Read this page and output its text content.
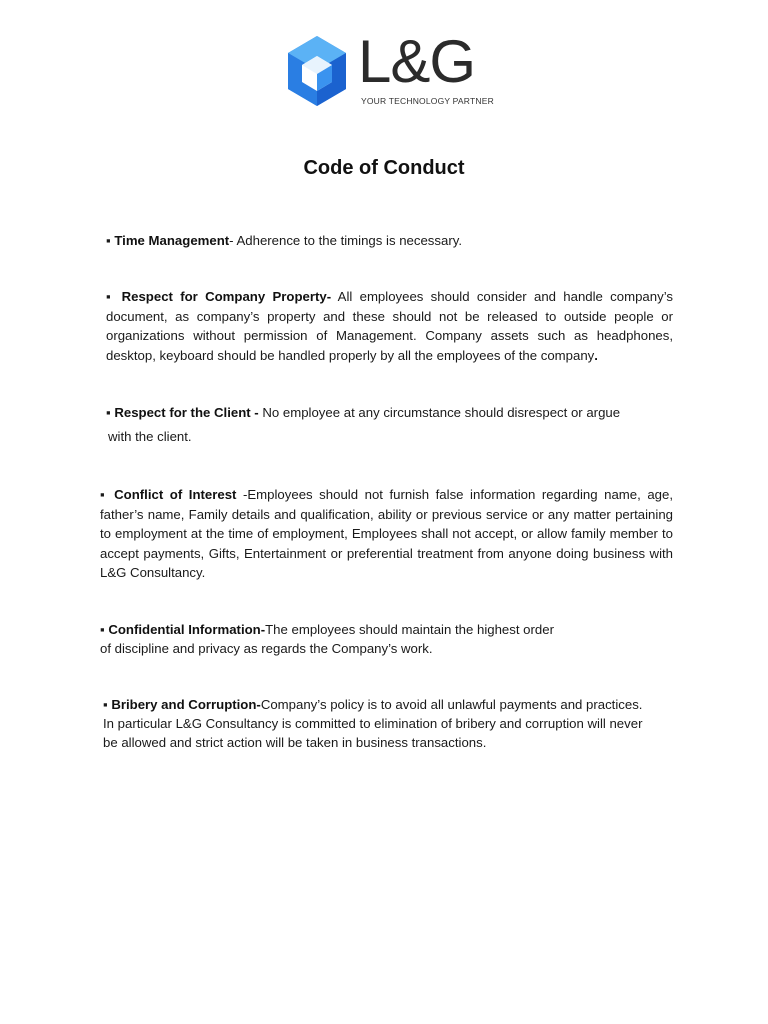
L&G
YOUR TECHNOLOGY PARTNER
Code of Conduct

▪ Time Management- Adherence to the timings is necessary.

▪ Respect for Company Property- All employees should consider and handle company’s document, as company’s property and these should not be released to outside people or organizations without permission of Management. Company assets such as headphones, desktop, keyboard should be handled properly by all the employees of the company.

▪ Respect for the Client - No employee at any circumstance should disrespect or argue

with the client.

▪ Conflict of Interest -Employees should not furnish false information regarding name, age, father’s name, Family details and qualification, ability or previous service or any matter pertaining to employment at the time of employment, Employees shall not accept, or allow family member to accept payments, Gifts, Entertainment or preferential treatment from anyone doing business with L&G Consultancy.

▪ Confidential Information-The employees should maintain the highest order

of discipline and privacy as regards the Company’s work.

▪ Bribery and Corruption-Company’s policy is to avoid all unlawful payments and practices.

In particular L&G Consultancy is committed to elimination of bribery and corruption will never

be allowed and strict action will be taken in business transactions.
